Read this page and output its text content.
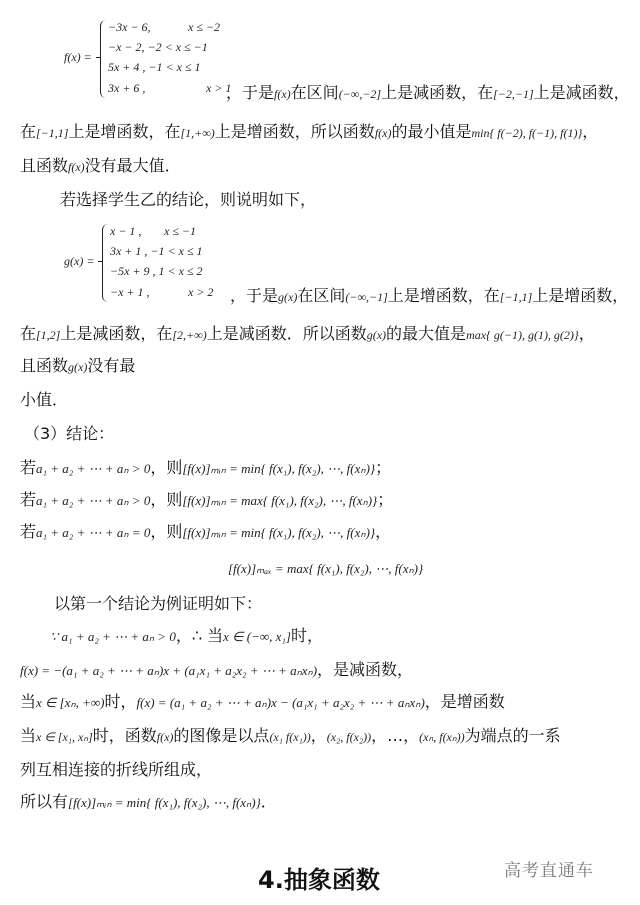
f(x) =
−3x − 6,	x ≤ −2
−x − 2, −2 < x ≤ −1
5x + 4 , −1 < x ≤ 1
3x + 6 ,	x > 1
，于是f(x)在区间(−∞,−2]上是减函数，在[−2,−1]上是减函数，
在[−1,1]上是增函数，在[1,+∞)上是增函数，所以函数f(x)的最小值是min{ f(−2), f(−1), f(1)}，
且函数f(x)没有最大值．
若选择学生乙的结论，则说明如下，
g(x) =
x − 1 , x ≤ −1
3x + 1 , −1 < x ≤ 1
−5x + 9 , 1 < x ≤ 2
−x + 1 ,	x > 2 ，于是g(x)在区间(−∞,−1]上是增函数，在[−1,1]上是增函数，
在[1,2]上是减函数，在[2,+∞)上是减函数．所以函数g(x)的最大值是max{ g(−1), g(1), g(2)}，
且函数g(x)没有最
小值．
（3）结论：
若a₁ + a₂ + ⋯ + aₙ > 0，则[f(x)]ₘᵢₙ = min{ f(x₁), f(x₂), ⋯, f(xₙ)}；
若a₁ + a₂ + ⋯ + aₙ > 0，则[f(x)]ₘᵢₙ = max{ f(x₁), f(x₂), ⋯, f(xₙ)}；
若a₁ + a₂ + ⋯ + aₙ = 0，则[f(x)]ₘᵢₙ = min{ f(x₁), f(x₂), ⋯, f(xₙ)}，
[f(x)]ₘₐₓ = max{ f(x₁), f(x₂), ⋯, f(xₙ)}
以第一个结论为例证明如下：
∵ a₁ + a₂ + ⋯ + aₙ > 0，∴ 当x ∈ (−∞, x₁]时，
f(x) = −(a₁ + a₂ + ⋯ + aₙ)x + (a₁x₁ + a₂x₂ + ⋯ + aₙxₙ)，是减函数，
当x ∈ [xₙ, +∞)时，f(x) = (a₁ + a₂ + ⋯ + aₙ)x − (a₁x₁ + a₂x₂ + ⋯ + aₙxₙ)，是增函数
当x ∈ [x₁, xₙ]时，函数f(x)的图像是以点(x₁ f(x₁))，(x₂, f(x₂))，…，(xₙ, f(xₙ))为端点的一系
列互相连接的折线所组成，
所以有[f(x)]ₘᵢₙ = min{ f(x₁), f(x₂), ⋯, f(xₙ)}．
4.抽象函数	高考直通车
